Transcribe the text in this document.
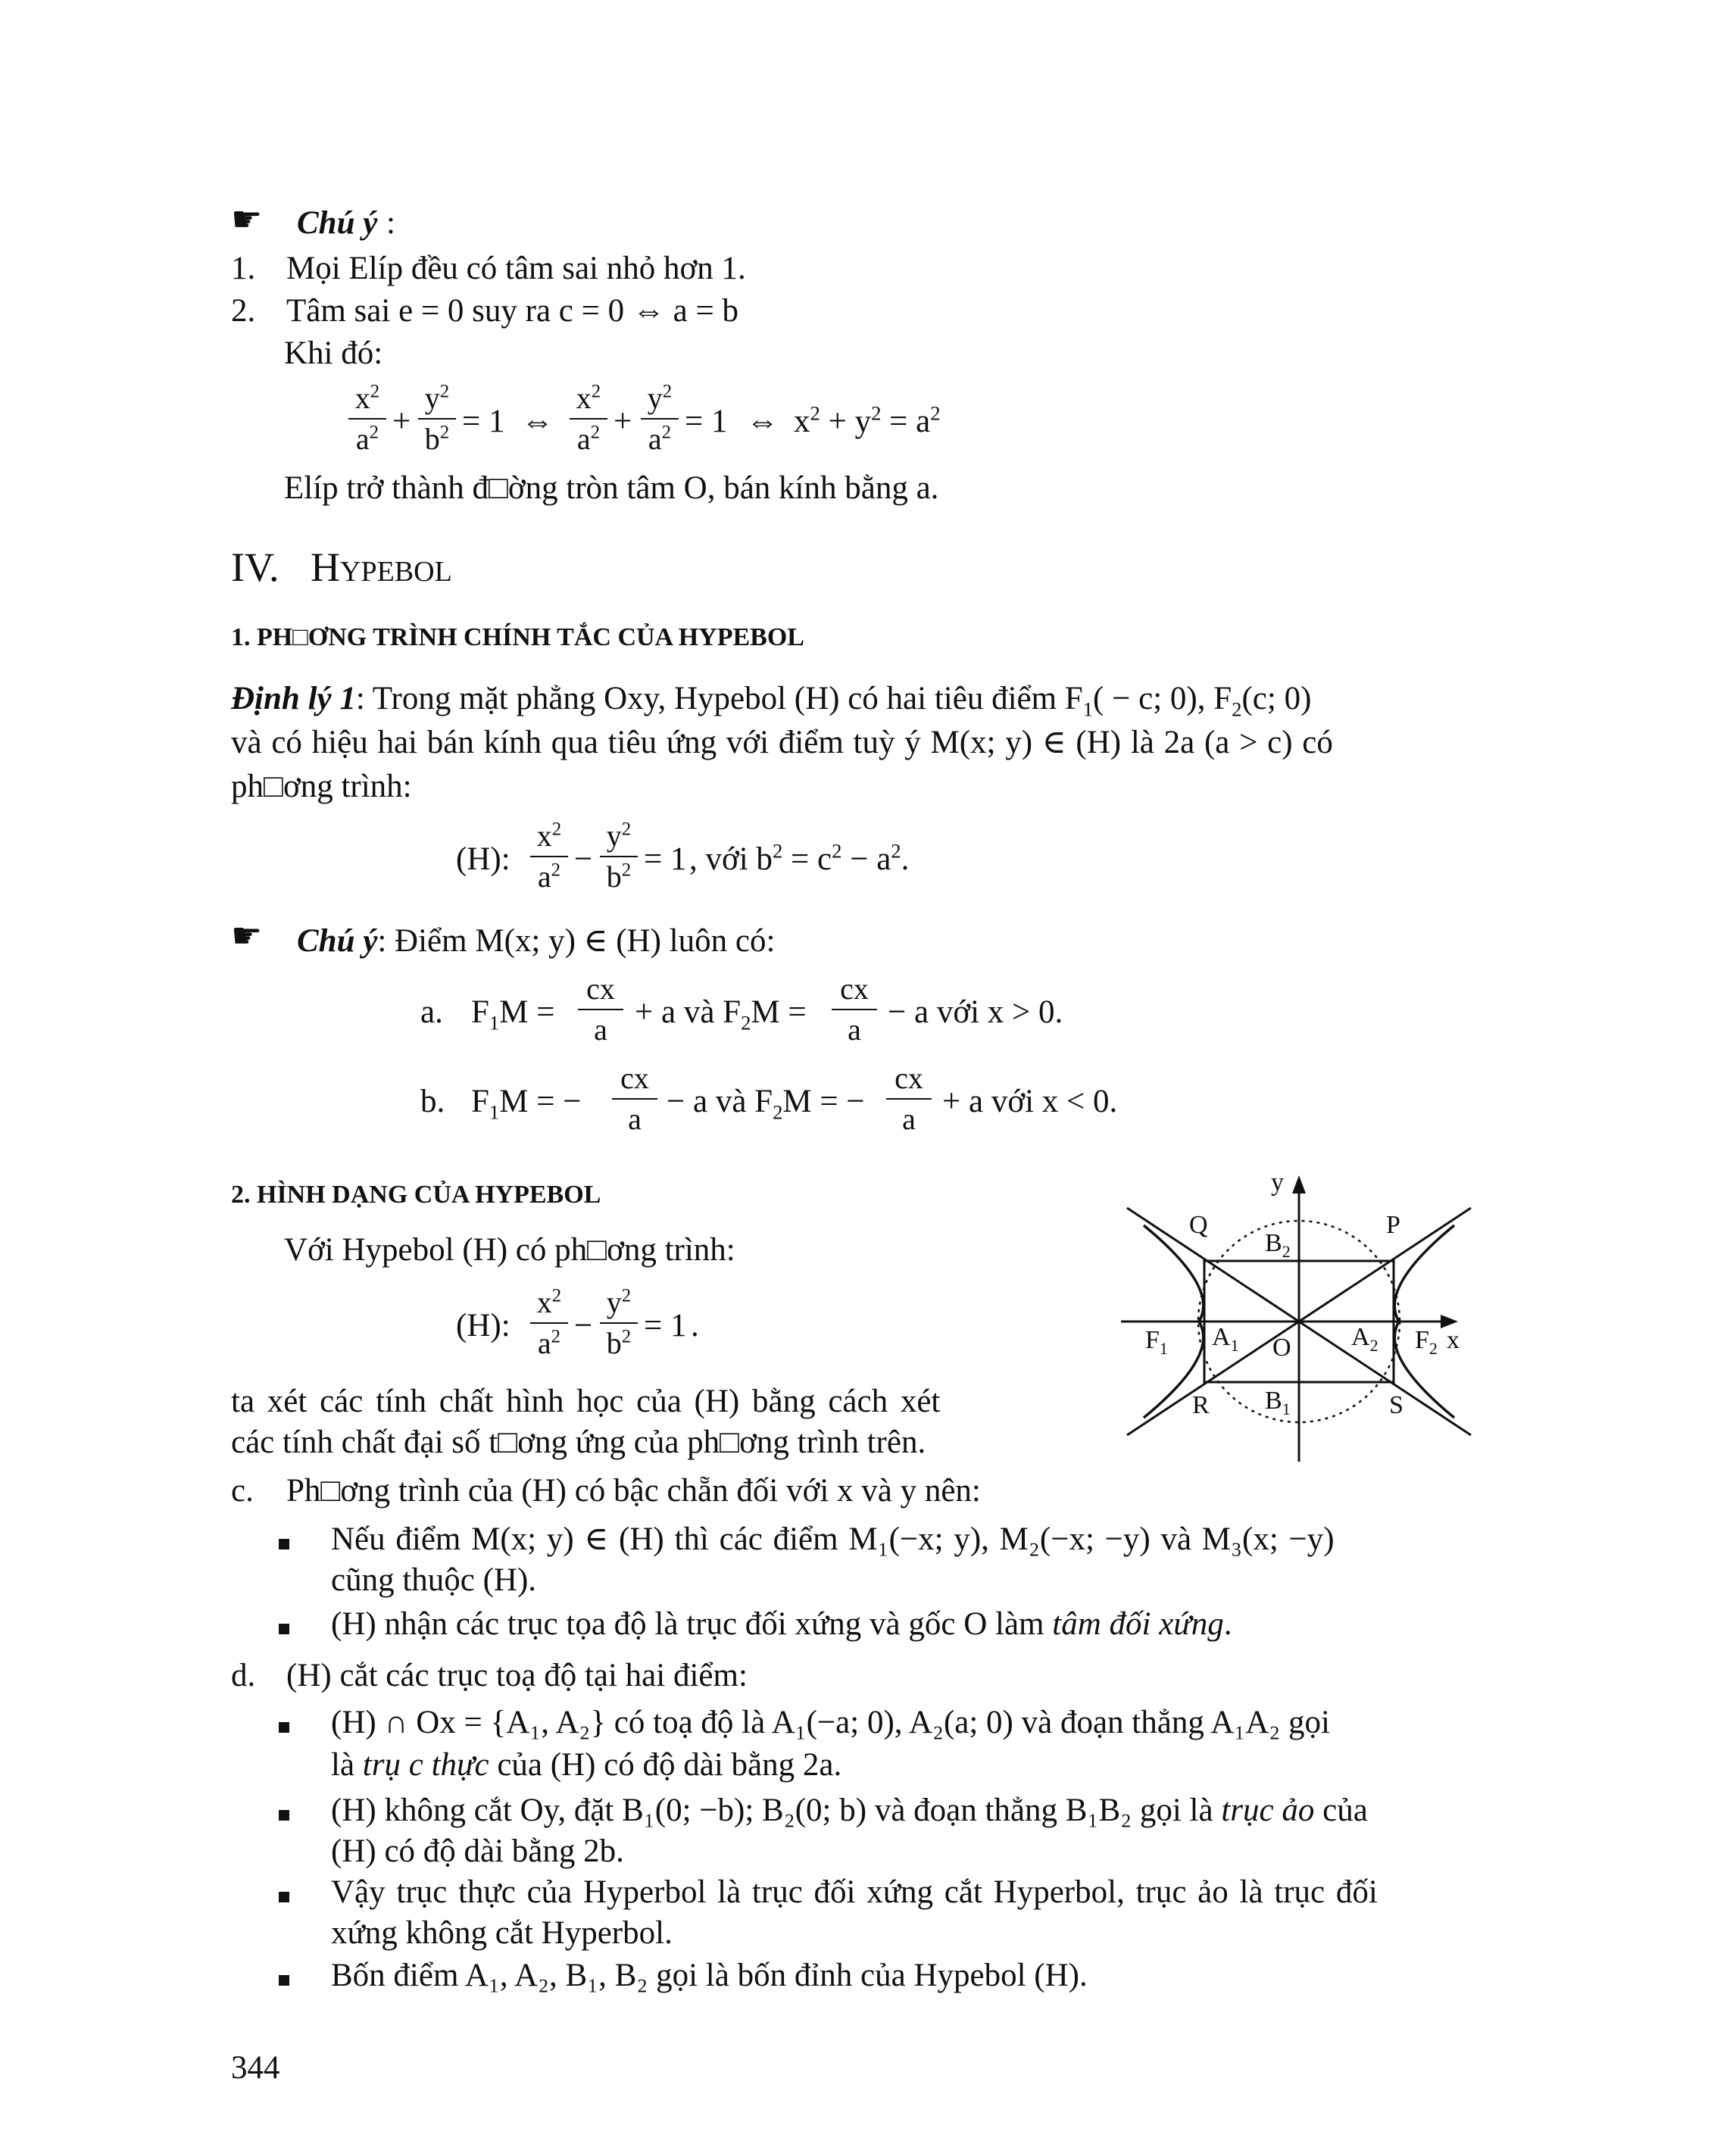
☛ Chú ý :
1. Mọi Elíp đều có tâm sai nhỏ hơn 1.
2. Tâm sai e = 0 suy ra c = 0 ⇔ a = b
Khi đó:
$x^2$
$a^2$ +
$y^2$
$b^2 = 1$ ⇔
$x^2$
$a^2$ +
$y^2$
$a^2 = 1$ ⇔ $x^2 + y^2 = a^2$
Elíp trở thành đ□ờng tròn tâm O, bán kính bằng a.
IV. Hypebol
1. PH□ƠNG TRÌNH CHÍNH TẮC CỦA HYPEBOL
Định lý 1: Trong mặt phẳng Oxy, Hypebol (H) có hai tiêu điểm $F_1( - c$; 0), $F_2(c$; 0)
và có hiệu hai bán kính qua tiêu ứng với điểm tuỳ ý M(x; y) ∈ (H) là 2a (a > c) có
ph□ơng trình:
(H):
$x^2$
$a^2$ −
$y^2$
$b^2 = 1$ , với $b^2 = c^2 - a^2$.
☛ Chú ý: Điểm M(x; y) ∈ (H) luôn có:
a. $F_1M$ =
cx
a + a và $F_2M$ =
cx
a − a với x > 0.
b. $F_1M$ = −
cx
a − a và $F_2M$ = −
cx
a + a với x < 0.
2. HÌNH DẠNG CỦA HYPEBOL
Với Hypebol (H) có ph□ơng trình:
(H):
$x^2$
$a^2$ −
$y^2$
$b^2 = 1$ .
ta xét các tính chất hình học của (H) bằng cách xét
các tính chất đại số t□ơng ứng của ph□ơng trình trên.
y
x
Q	P
$B_2$
$F_1$ $A_1$ O $A_2$ $F_2$
R $B_1$	S
c. Ph□ơng trình của (H) có bậc chẵn đối với x và y nên:
Nếu điểm M(x; y) ∈ (H) thì các điểm M₁(−x; y), M₂(−x; −y) và M₃(x; −y)
cũng thuộc (H).
(H) nhận các trục tọa độ là trục đối xứng và gốc O làm tâm đối xứng.
d. (H) cắt các trục toạ độ tại hai điểm:
(H) ∩ Ox = {A₁, A₂} có toạ độ là A₁(−a; 0), A₂(a; 0) và đoạn thẳng A₁A₂ gọi
là trụ c thực của (H) có độ dài bằng 2a.
(H) không cắt Oy, đặt B₁(0; −b); B₂(0; b) và đoạn thẳng B₁B₂ gọi là trục ảo của
(H) có độ dài bằng 2b.
Vậy trục thực của Hyperbol là trục đối xứng cắt Hyperbol, trục ảo là trục đối
xứng không cắt Hyperbol.
Bốn điểm A₁, A₂, B₁, B₂ gọi là bốn đỉnh của Hypebol (H).
344
